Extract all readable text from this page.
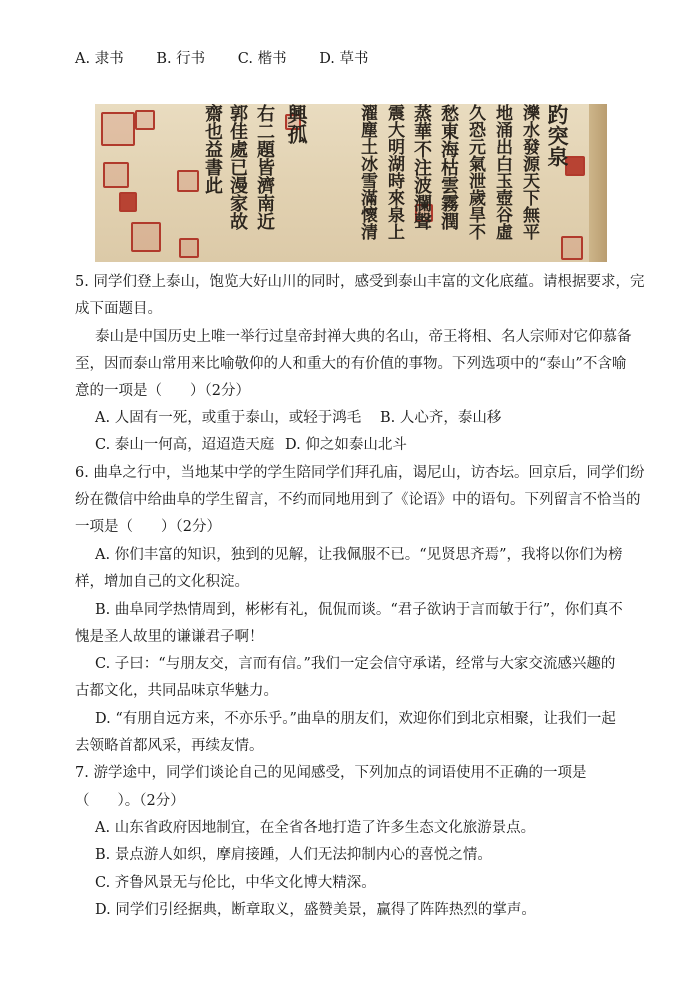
A. 隶书 B. 行书 C. 楷书 D. 草书
趵突泉
濼水發源天下無平
地涌出白玉壺谷虛
久恐元氣泄歲旱不
愁東海枯雲霧潤
蒸華不注波瀾聲
震大明湖時來泉上
濯塵土冰雪滿懷清
興孤
右二題皆濟南近
郭佳處已漫家故
齋也益書此
5. 同学们登上泰山，饱览大好山川的同时，感受到泰山丰富的文化底蕴。请根据要求，完
成下面题目。
泰山是中国历史上唯一举行过皇帝封禅大典的名山，帝王将相、名人宗师对它仰慕备
至，因而泰山常用来比喻敬仰的人和重大的有价值的事物。下列选项中的“泰山”不含喻
意的一项是（ ）（2分）
A. 人固有一死，或重于泰山，或轻于鸿毛 B. 人心齐，泰山移
C. 泰山一何高，迢迢造天庭 D. 仰之如泰山北斗
6. 曲阜之行中，当地某中学的学生陪同学们拜孔庙，谒尼山，访杏坛。回京后，同学们纷
纷在微信中给曲阜的学生留言，不约而同地用到了《论语》中的语句。下列留言不恰当的
一项是（ ）（2分）
A. 你们丰富的知识，独到的见解，让我佩服不已。“见贤思齐焉”，我将以你们为榜
样，增加自己的文化积淀。
B. 曲阜同学热情周到，彬彬有礼，侃侃而谈。“君子欲讷于言而敏于行”，你们真不
愧是圣人故里的谦谦君子啊！
C. 子曰：“与朋友交，言而有信。”我们一定会信守承诺，经常与大家交流感兴趣的
古都文化，共同品味京华魅力。
D. “有朋自远方来，不亦乐乎。”曲阜的朋友们，欢迎你们到北京相聚，让我们一起
去领略首都风采，再续友情。
7. 游学途中，同学们谈论自己的见闻感受，下列加点的词语使用不正确的一项是
（ ）。（2分）
A. 山东省政府因地制宜，在全省各地打造了许多生态文化旅游景点。
B. 景点游人如织，摩肩接踵，人们无法抑制内心的喜悦之情。
C. 齐鲁风景无与伦比，中华文化博大精深。
D. 同学们引经据典，断章取义，盛赞美景，赢得了阵阵热烈的掌声。
